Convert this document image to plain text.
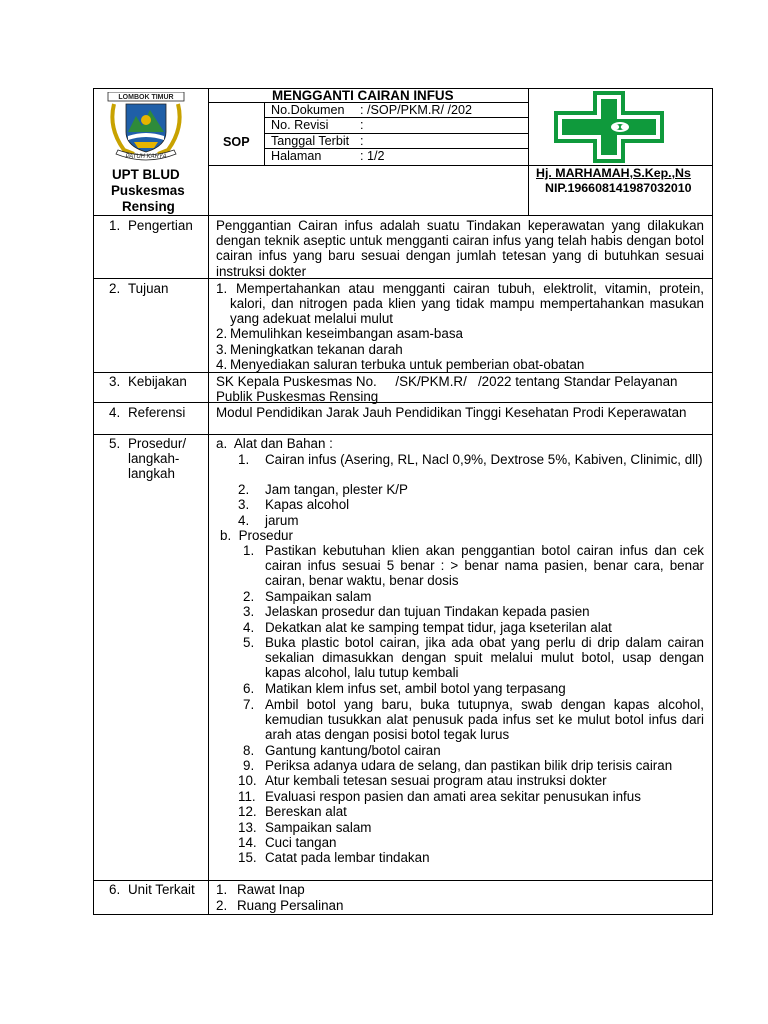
LOMBOK TIMUR
PATUH KARYA
UPT BLUD
Puskesmas
Rensing
MENGGANTI CAIRAN INFUS
SOP
No.Dokumen : /SOP/PKM.R/ /202
No. Revisi	:
Tanggal Terbit :
Halaman	: 1/2
Hj. MARHAMAH,S.Kep.,Ns
NIP.196608141987032010
1. Pengertian Penggantian Cairan infus adalah suatu Tindakan keperawatan yang dilakukan dengan teknik aseptic untuk mengganti cairan infus yang telah habis dengan botol cairan infus yang baru sesuai dengan jumlah tetesan yang di butuhkan sesuai instruksi dokter
2. Tujuan	1. Mempertahankan atau mengganti cairan tubuh, elektrolit, vitamin, protein, kalori, dan nitrogen pada klien yang tidak mampu mempertahankan masukan yang adekuat melalui mulut
2. Memulihkan keseimbangan asam-basa
3. Meningkatkan tekanan darah
4. Menyediakan saluran terbuka untuk pemberian obat-obatan
3. Kebijakan SK Kepala Puskesmas No.     /SK/PKM.R/   /2022 tentang Standar Pelayanan
Publik Puskesmas Rensing
4. Referensi Modul Pendidikan Jarak Jauh Pendidikan Tinggi Kesehatan Prodi Keperawatan
5. Prosedur/
langkah-
langkah
a.  Alat dan Bahan :
1. Cairan infus (Asering, RL, Nacl 0,9%, Dextrose 5%, Kabiven, Clinimic, dll)
2. Jam tangan, plester K/P
3. Kapas alcohol
4. jarum
b.  Prosedur
1. Pastikan kebutuhan klien akan penggantian botol cairan infus dan cek cairan infus sesuai 5 benar : > benar nama pasien, benar cara, benar cairan, benar waktu, benar dosis
2. Sampaikan salam
3. Jelaskan prosedur dan tujuan Tindakan kepada pasien
4. Dekatkan alat ke samping tempat tidur, jaga kseterilan alat
5. Buka plastic botol cairan, jika ada obat yang perlu di drip dalam cairan sekalian dimasukkan dengan spuit melalui mulut botol, usap dengan kapas alcohol, lalu tutup kembali
6. Matikan klem infus set, ambil botol yang terpasang
7. Ambil botol yang baru, buka tutupnya, swab dengan kapas alcohol, kemudian tusukkan alat penusuk pada infus set ke mulut botol infus dari arah atas dengan posisi botol tegak lurus
8. Gantung kantung/botol cairan
9. Periksa adanya udara de selang, dan pastikan bilik drip terisis cairan
10. Atur kembali tetesan sesuai program atau instruksi dokter
11. Evaluasi respon pasien dan amati area sekitar penusukan infus
12. Bereskan alat
13. Sampaikan salam
14. Cuci tangan
15. Catat pada lembar tindakan
6. Unit Terkait 1. Rawat Inap
2. Ruang Persalinan
